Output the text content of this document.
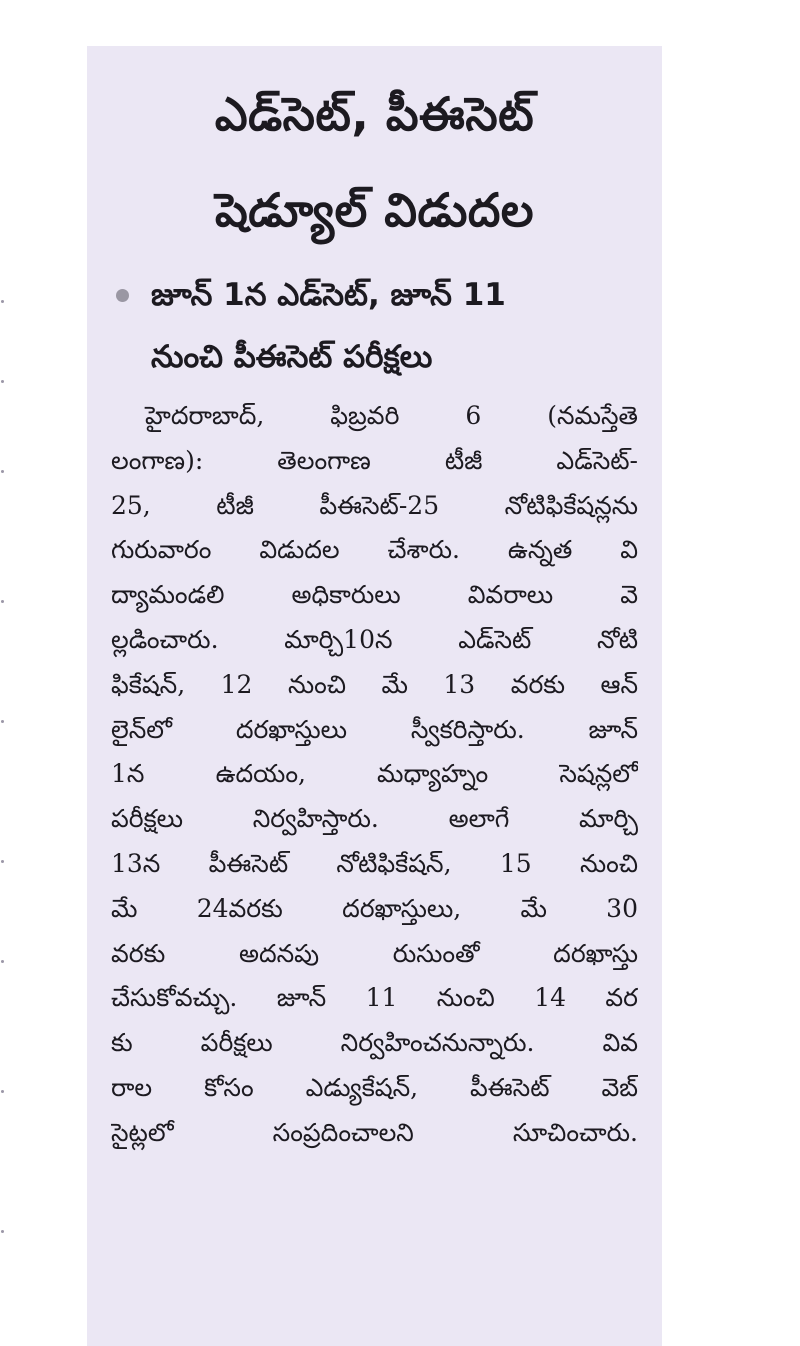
ఎడ్‌సెట్, పీఈసెట్
షెడ్యూల్ విడుదల
జూన్ 1న ఎడ్‌సెట్, జూన్ 11
నుంచి పీఈసెట్ పరీక్షలు
హైదరాబాద్, ఫిబ్రవరి 6 (నమస్తేతె
లంగాణ): తెలంగాణ టీజీ ఎడ్‌సెట్-
25, టీజీ పీఈసెట్-25 నోటిఫికేషన్లను
గురువారం విడుదల చేశారు. ఉన్నత వి
ద్యామండలి అధికారులు వివరాలు వె
ల్లడించారు. మార్చి10న ఎడ్‌సెట్ నోటి
ఫికేషన్, 12 నుంచి మే 13 వరకు ఆన్
లైన్‌లో దరఖాస్తులు స్వీకరిస్తారు. జూన్
1న ఉదయం, మధ్యాహ్నం సెషన్లలో
పరీక్షలు నిర్వహిస్తారు. అలాగే మార్చి
13న పీఈసెట్ నోటిఫికేషన్, 15 నుంచి
మే 24వరకు దరఖాస్తులు, మే 30
వరకు అదనపు రుసుంతో దరఖాస్తు
చేసుకోవచ్చు. జూన్ 11 నుంచి 14 వర
కు పరీక్షలు నిర్వహించనున్నారు. వివ
రాల కోసం ఎడ్యుకేషన్, పీఈసెట్ వెబ్
సైట్లలో సంప్రదించాలని సూచించారు.
